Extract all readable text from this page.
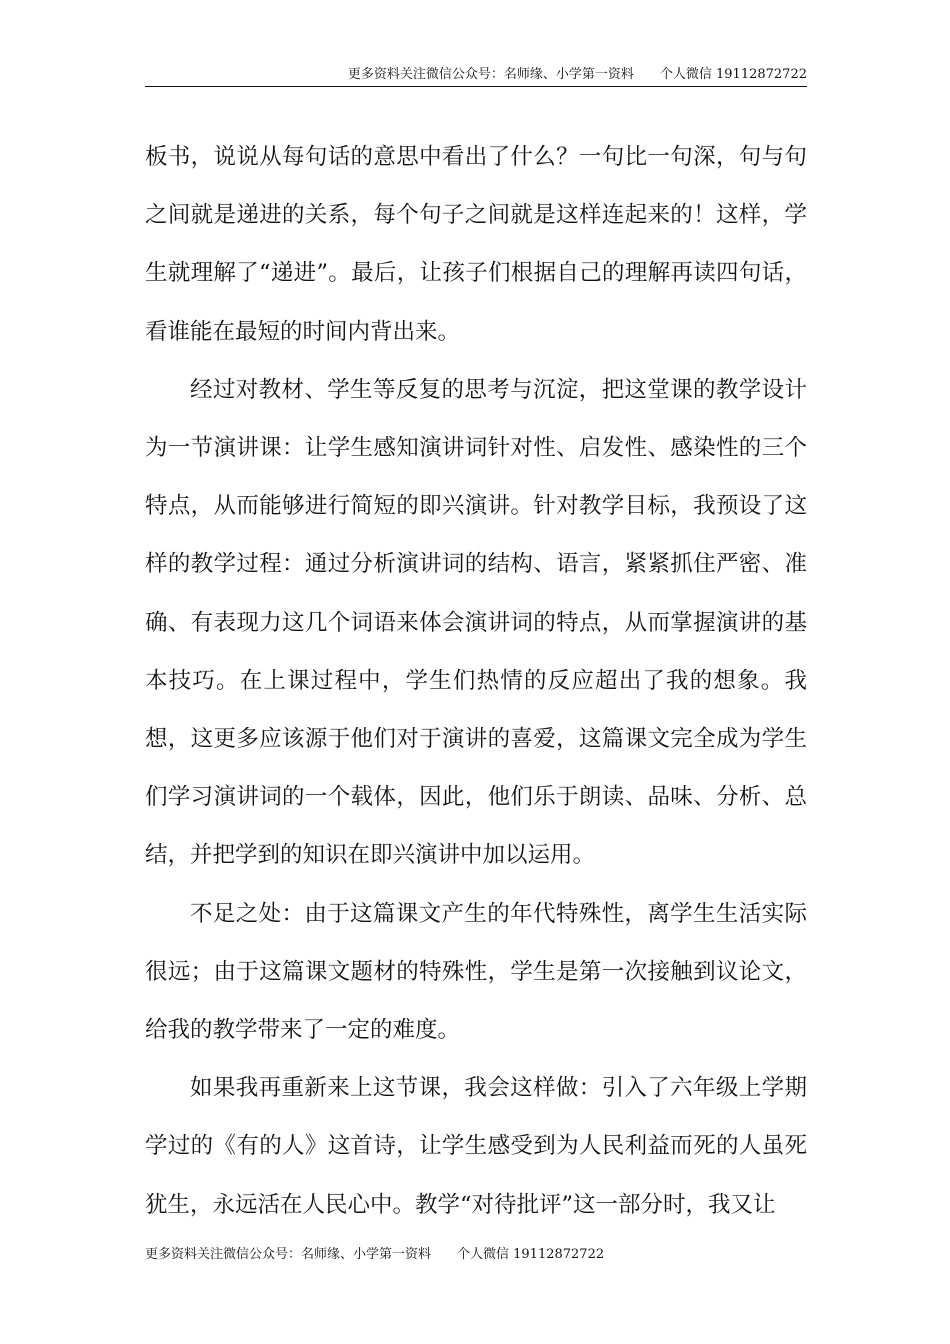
更多资料关注微信公众号：名师缘、小学第一资料　　个人微信 19112872722

板书，说说从每句话的意思中看出了什么？一句比一句深，句与句之间就是递进的关系，每个句子之间就是这样连起来的！这样，学生就理解了“递进”。最后，让孩子们根据自己的理解再读四句话，看谁能在最短的时间内背出来。

经过对教材、学生等反复的思考与沉淀，把这堂课的教学设计为一节演讲课：让学生感知演讲词针对性、启发性、感染性的三个特点，从而能够进行简短的即兴演讲。针对教学目标，我预设了这样的教学过程：通过分析演讲词的结构、语言，紧紧抓住严密、准确、有表现力这几个词语来体会演讲词的特点，从而掌握演讲的基本技巧。在上课过程中，学生们热情的反应超出了我的想象。我想，这更多应该源于他们对于演讲的喜爱，这篇课文完全成为学生们学习演讲词的一个载体，因此，他们乐于朗读、品味、分析、总结，并把学到的知识在即兴演讲中加以运用。

不足之处：由于这篇课文产生的年代特殊性，离学生生活实际很远；由于这篇课文题材的特殊性，学生是第一次接触到议论文，给我的教学带来了一定的难度。

如果我再重新来上这节课，我会这样做：引入了六年级上学期学过的《有的人》这首诗，让学生感受到为人民利益而死的人虽死犹生，永远活在人民心中。教学“对待批评”这一部分时，我又让

更多资料关注微信公众号：名师缘、小学第一资料　　个人微信 19112872722
